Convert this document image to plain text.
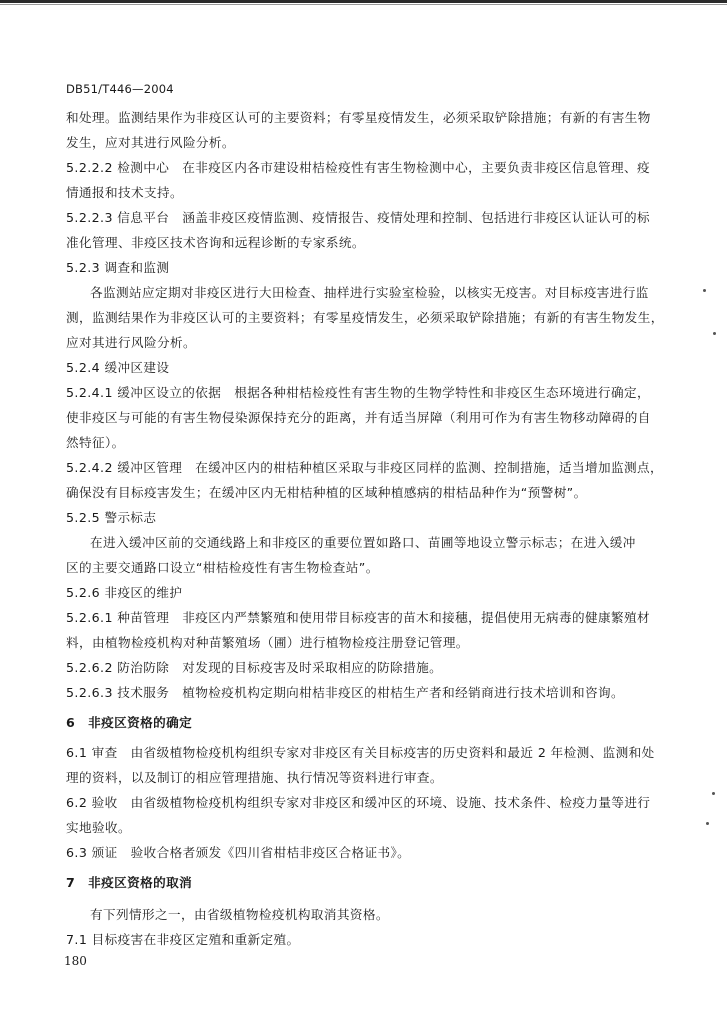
DB51/T446—2004
和处理。监测结果作为非疫区认可的主要资料；有零星疫情发生，必须采取铲除措施；有新的有害生物
发生，应对其进行风险分析。
5.2.2.2 检测中心　在非疫区内各市建设柑桔检疫性有害生物检测中心，主要负责非疫区信息管理、疫
情通报和技术支持。
5.2.2.3 信息平台　涵盖非疫区疫情监测、疫情报告、疫情处理和控制、包括进行非疫区认证认可的标
准化管理、非疫区技术咨询和远程诊断的专家系统。
5.2.3 调查和监测
各监测站应定期对非疫区进行大田检查、抽样进行实验室检验，以核实无疫害。对目标疫害进行监
测，监测结果作为非疫区认可的主要资料；有零星疫情发生，必须采取铲除措施；有新的有害生物发生，
应对其进行风险分析。
5.2.4 缓冲区建设
5.2.4.1 缓冲区设立的依据　根据各种柑桔检疫性有害生物的生物学特性和非疫区生态环境进行确定，
使非疫区与可能的有害生物侵染源保持充分的距离，并有适当屏障（利用可作为有害生物移动障碍的自
然特征）。
5.2.4.2 缓冲区管理　在缓冲区内的柑桔种植区采取与非疫区同样的监测、控制措施，适当增加监测点，
确保没有目标疫害发生；在缓冲区内无柑桔种植的区域种植感病的柑桔品种作为“预警树”。
5.2.5 警示标志
在进入缓冲区前的交通线路上和非疫区的重要位置如路口、苗圃等地设立警示标志；在进入缓冲
区的主要交通路口设立“柑桔检疫性有害生物检查站”。
5.2.6 非疫区的维护
5.2.6.1 种苗管理　非疫区内严禁繁殖和使用带目标疫害的苗木和接穗，提倡使用无病毒的健康繁殖材
料，由植物检疫机构对种苗繁殖场（圃）进行植物检疫注册登记管理。
5.2.6.2 防治防除　对发现的目标疫害及时采取相应的防除措施。
5.2.6.3 技术服务　植物检疫机构定期向柑桔非疫区的柑桔生产者和经销商进行技术培训和咨询。
6　非疫区资格的确定
6.1 审查　由省级植物检疫机构组织专家对非疫区有关目标疫害的历史资料和最近 2 年检测、监测和处
理的资料，以及制订的相应管理措施、执行情况等资料进行审查。
6.2 验收　由省级植物检疫机构组织专家对非疫区和缓冲区的环境、设施、技术条件、检疫力量等进行
实地验收。
6.3 颁证　验收合格者颁发《四川省柑桔非疫区合格证书》。
7　非疫区资格的取消
有下列情形之一，由省级植物检疫机构取消其资格。
7.1 目标疫害在非疫区定殖和重新定殖。
180
